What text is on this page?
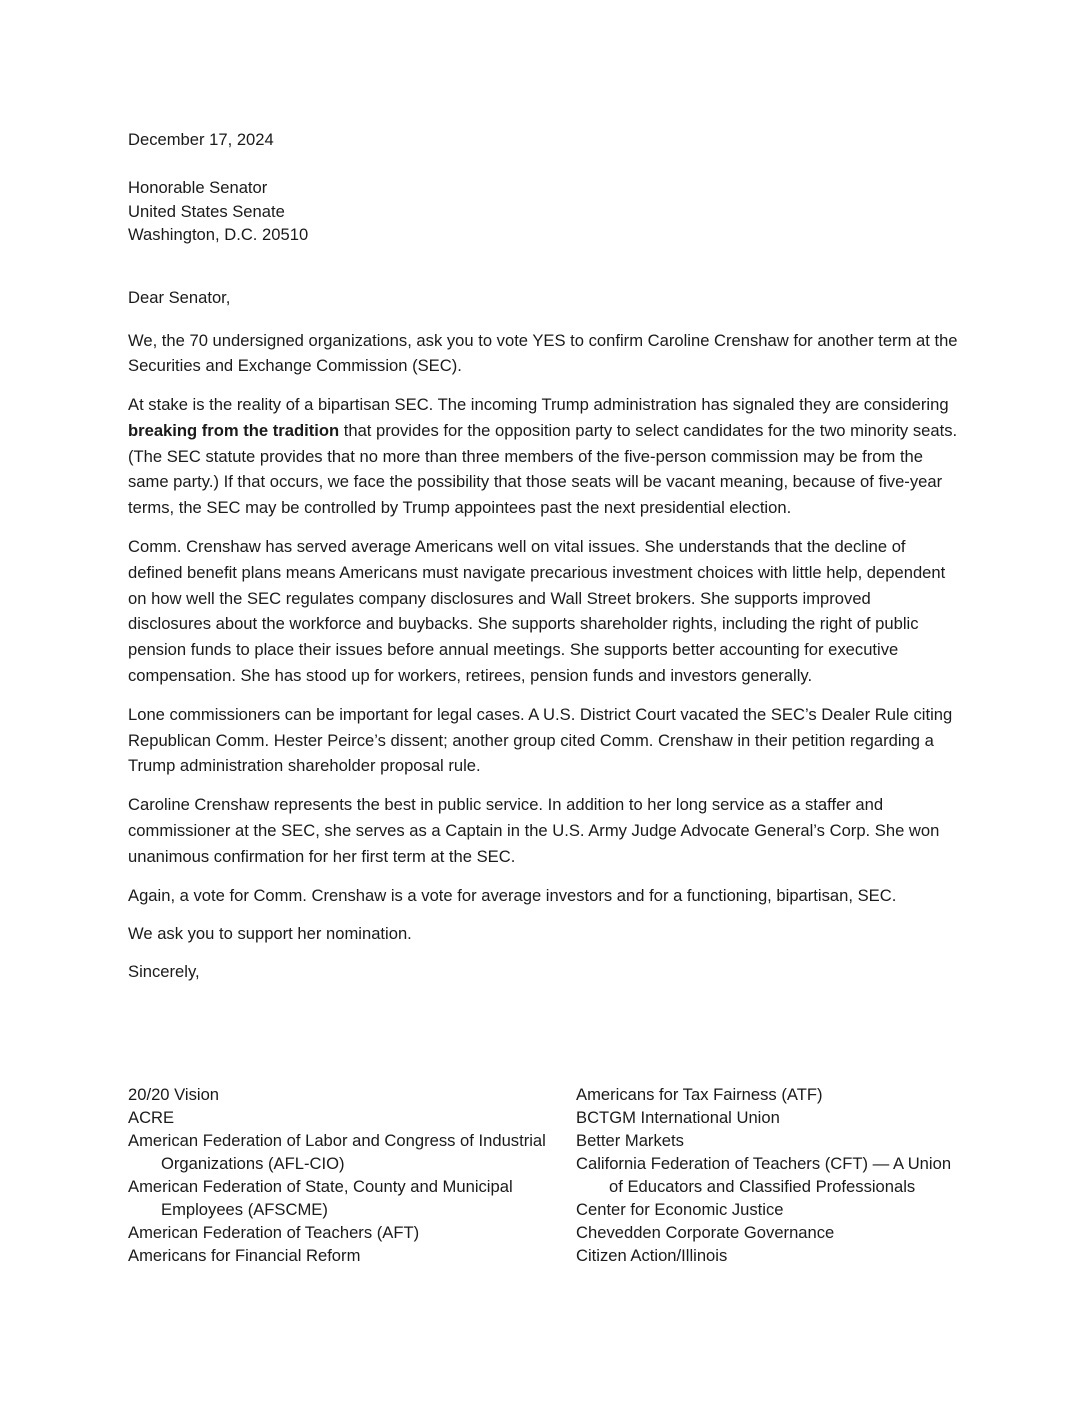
December 17, 2024
Honorable Senator
United States Senate
Washington, D.C. 20510
Dear Senator,

We, the 70 undersigned organizations, ask you to vote YES to confirm Caroline Crenshaw for another term at the Securities and Exchange Commission (SEC).

At stake is the reality of a bipartisan SEC. The incoming Trump administration has signaled they are considering breaking from the tradition that provides for the opposition party to select candidates for the two minority seats. (The SEC statute provides that no more than three members of the five-person commission may be from the same party.) If that occurs, we face the possibility that those seats will be vacant meaning, because of five-year terms, the SEC may be controlled by Trump appointees past the next presidential election.

Comm. Crenshaw has served average Americans well on vital issues. She understands that the decline of defined benefit plans means Americans must navigate precarious investment choices with little help, dependent on how well the SEC regulates company disclosures and Wall Street brokers. She supports improved disclosures about the workforce and buybacks. She supports shareholder rights, including the right of public pension funds to place their issues before annual meetings. She supports better accounting for executive compensation. She has stood up for workers, retirees, pension funds and investors generally.

Lone commissioners can be important for legal cases. A U.S. District Court vacated the SEC’s Dealer Rule citing Republican Comm. Hester Peirce’s dissent; another group cited Comm. Crenshaw in their petition regarding a Trump administration shareholder proposal rule.

Caroline Crenshaw represents the best in public service. In addition to her long service as a staffer and commissioner at the SEC, she serves as a Captain in the U.S. Army Judge Advocate General’s Corp. She won unanimous confirmation for her first term at the SEC.

Again, a vote for Comm. Crenshaw is a vote for average investors and for a functioning, bipartisan, SEC.

We ask you to support her nomination.

Sincerely,

20/20 Vision
ACRE
American Federation of Labor and Congress of Industrial Organizations (AFL-CIO)
American Federation of State, County and Municipal Employees (AFSCME)
American Federation of Teachers (AFT)
Americans for Financial Reform
Americans for Tax Fairness (ATF)
BCTGM International Union
Better Markets
California Federation of Teachers (CFT) — A Union of Educators and Classified Professionals
Center for Economic Justice
Chevedden Corporate Governance
Citizen Action/Illinois
